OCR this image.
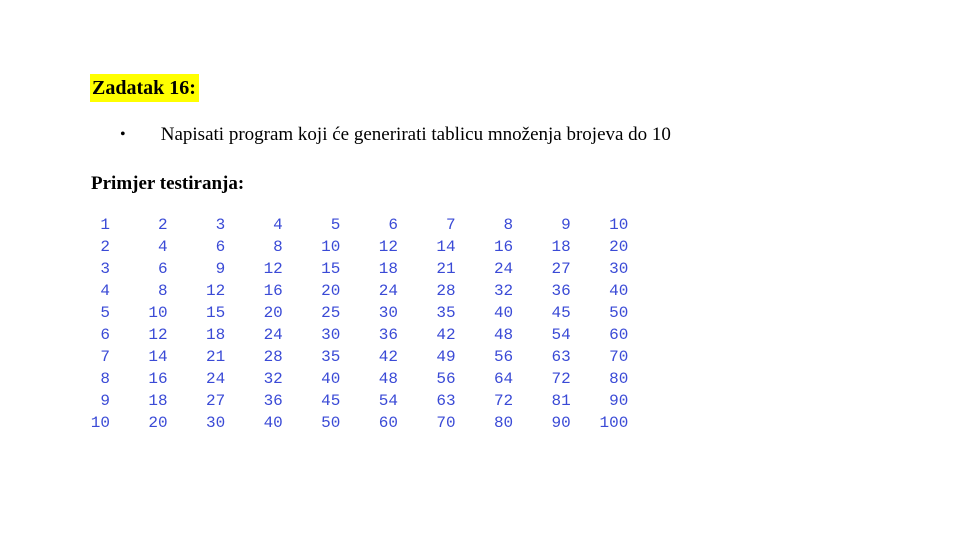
Zadatak 16:
• Napisati program koji će generirati tablicu množenja brojeva do 10
Primjer testiranja:
1	2	3	4	5	6	7	8	9 10
2	4	6	8 10 12 14 16 18 20
3	6	9 12 15 18 21 24 27 30
4	8 12 16 20 24 28 32 36 40
5 10 15 20 25 30 35 40 45 50
6 12 18 24 30 36 42 48 54 60
7 14 21 28 35 42 49 56 63 70
8 16 24 32 40 48 56 64 72 80
9 18 27 36 45 54 63 72 81 90
10 20 30 40 50 60 70 80 90 100
